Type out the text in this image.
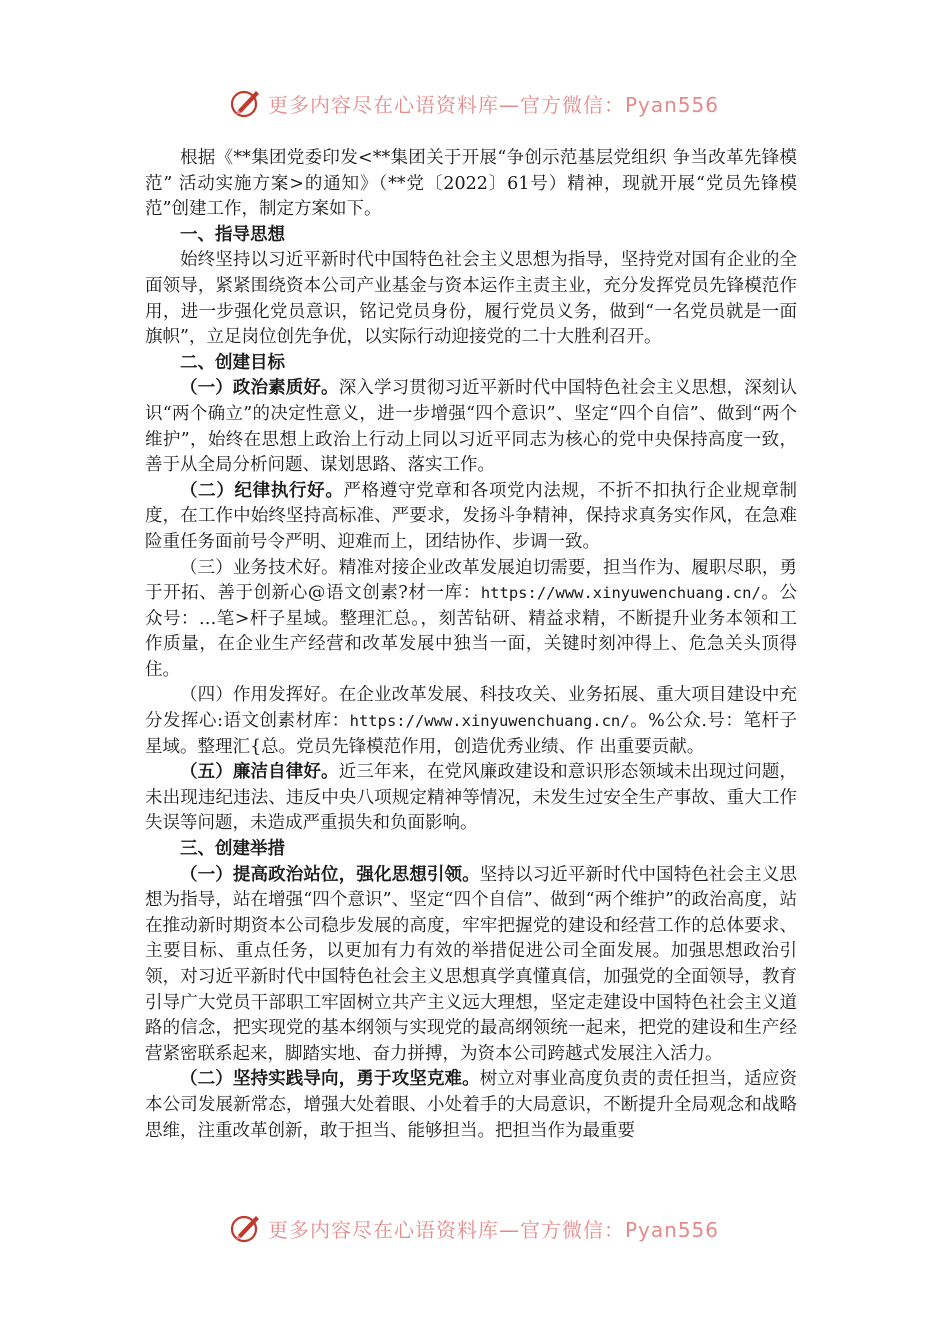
更多内容尽在心语资料库—官方微信：Pyan556

根据《**集团党委印发<**集团关于开展“争创示范基层党组织 争当改革先锋模范” 活动实施方案>的通知》（**党〔2022〕61号）精神，现就开展“党员先锋模范”创建工作，制定方案如下。

一、指导思想

始终坚持以习近平新时代中国特色社会主义思想为指导，坚持党对国有企业的全面领导，紧紧围绕资本公司产业基金与资本运作主责主业，充分发挥党员先锋模范作用，进一步强化党员意识，铭记党员身份，履行党员义务，做到“一名党员就是一面旗帜”，立足岗位创先争优，以实际行动迎接党的二十大胜利召开。

二、创建目标

（一）政治素质好。深入学习贯彻习近平新时代中国特色社会主义思想，深刻认识“两个确立”的决定性意义，进一步增强“四个意识”、坚定“四个自信”、做到“两个维护”，始终在思想上政治上行动上同以习近平同志为核心的党中央保持高度一致，善于从全局分析问题、谋划思路、落实工作。

（二）纪律执行好。严格遵守党章和各项党内法规，不折不扣执行企业规章制度，在工作中始终坚持高标准、严要求，发扬斗争精神，保持求真务实作风，在急难险重任务面前号令严明、迎难而上，团结协作、步调一致。

（三）业务技术好。精准对接企业改革发展迫切需要，担当作为、履职尽职，勇于开拓、善于创新心@语文创素?材一库：https://www.xinyuwenchuang.cn/。公众号：…笔>杆子星域。整理汇总。，刻苦钻研、精益求精，不断提升业务本领和工作质量，在企业生产经营和改革发展中独当一面，关键时刻冲得上、危急关头顶得住。

（四）作用发挥好。在企业改革发展、科技攻关、业务拓展、重大项目建设中充分发挥心:语文创素材库：https://www.xinyuwenchuang.cn/。%公众.号：笔杆子星域。整理汇{总。党员先锋模范作用，创造优秀业绩、作 出重要贡献。

（五）廉洁自律好。近三年来，在党风廉政建设和意识形态领域未出现过问题，未出现违纪违法、违反中央八项规定精神等情况，未发生过安全生产事故、重大工作失误等问题，未造成严重损失和负面影响。

三、创建举措

（一）提高政治站位，强化思想引领。坚持以习近平新时代中国特色社会主义思想为指导，站在增强“四个意识”、坚定“四个自信”、做到“两个维护”的政治高度，站在推动新时期资本公司稳步发展的高度，牢牢把握党的建设和经营工作的总体要求、主要目标、重点任务，以更加有力有效的举措促进公司全面发展。加强思想政治引领，对习近平新时代中国特色社会主义思想真学真懂真信，加强党的全面领导，教育引导广大党员干部职工牢固树立共产主义远大理想，坚定走建设中国特色社会主义道路的信念，把实现党的基本纲领与实现党的最高纲领统一起来，把党的建设和生产经营紧密联系起来，脚踏实地、奋力拼搏，为资本公司跨越式发展注入活力。

（二）坚持实践导向，勇于攻坚克难。树立对事业高度负责的责任担当，适应资本公司发展新常态，增强大处着眼、小处着手的大局意识，不断提升全局观念和战略思维，注重改革创新，敢于担当、能够担当。把担当作为最重要

更多内容尽在心语资料库—官方微信：Pyan556
